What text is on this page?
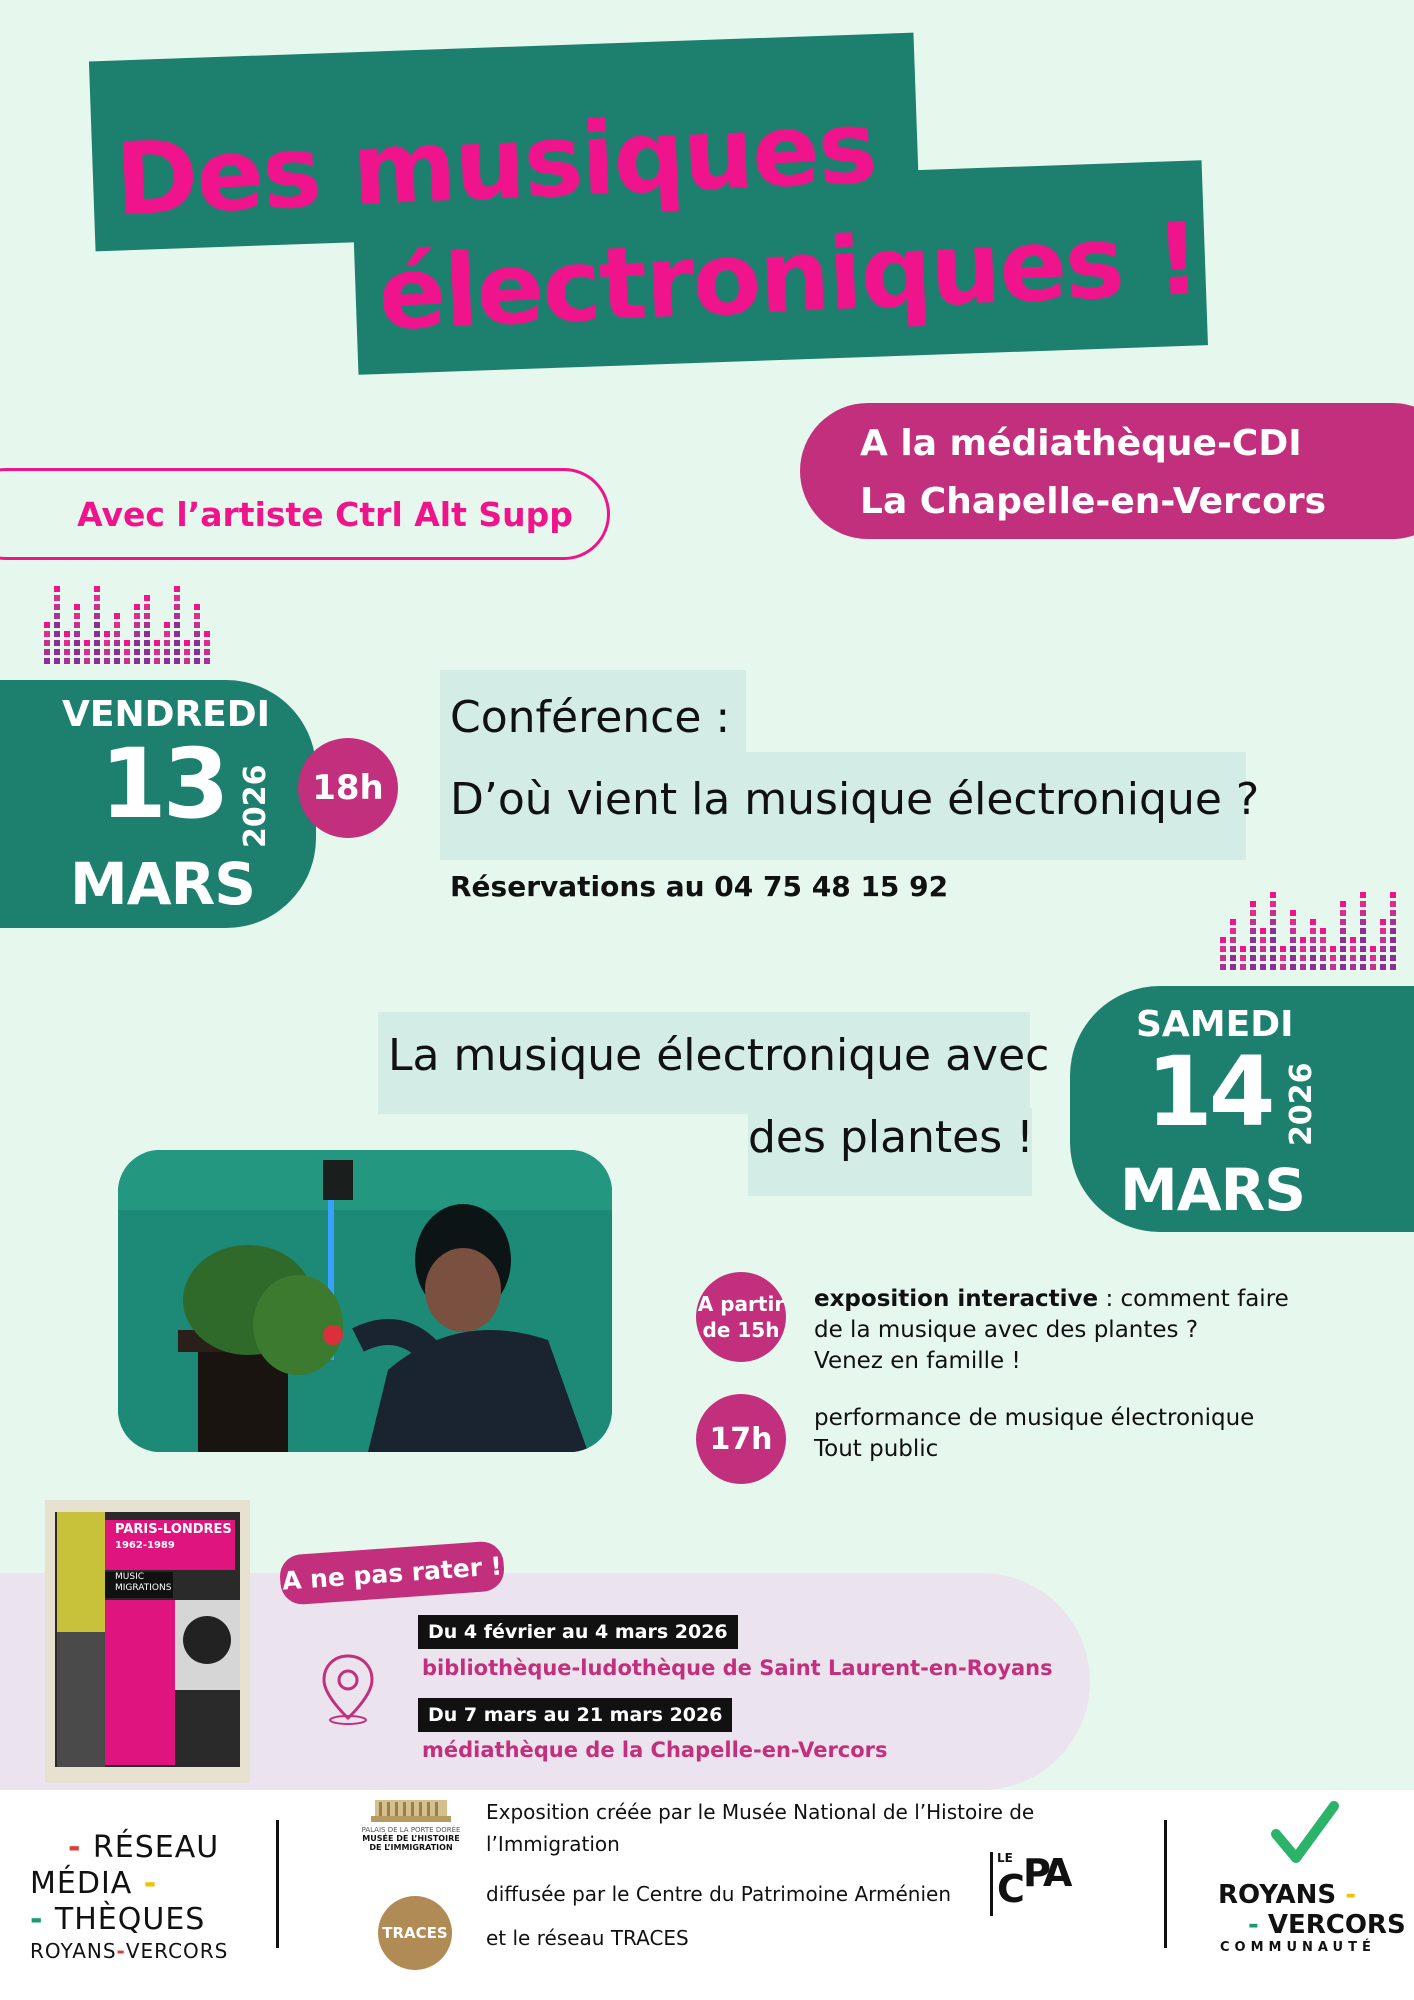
Des musiques
électroniques !
Avec l’artiste Ctrl Alt Supp
A la médiathèque-CDI
La Chapelle-en-Vercors
VENDREDI
13
MARS
2026	18h
Conférence :
D’où vient la musique électronique ?
Réservations au 04 75 48 15 92
La musique électronique avec
des plantes !
SAMEDI
14
MARS
2026
A partir
de 15h
exposition interactive : comment faire
de la musique avec des plantes ?
Venez en famille !
17h
performance de musique électronique
Tout public
PARIS-LONDRES
1962-1989
MUSIC
MIGRATIONS	A ne pas rater !
Du 4 février au 4 mars 2026
bibliothèque-ludothèque de Saint Laurent-en-Royans
Du 7 mars au 21 mars 2026
médiathèque de la Chapelle-en-Vercors
- RÉSEAU
MÉDIA -
- THÈQUES
ROYANS-VERCORS
PALAIS DE LA PORTE DORÉE
MUSÉE DE L’HISTOIRE
DE L’IMMIGRATION
TRACES
Exposition créée par le Musée National de l’Histoire de
l’Immigration
diffusée par le Centre du Patrimoine Arménien
et le réseau TRACES
LE
C
P
A	ROYANS -
- VERCORS
COMMUNAUTÉ
